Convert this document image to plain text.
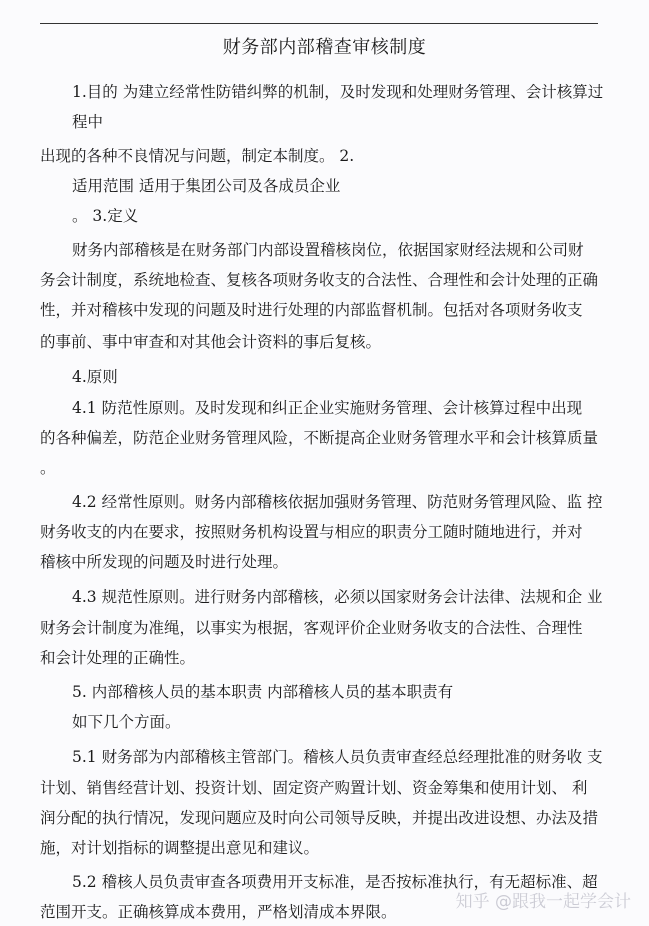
财务部内部稽查审核制度
1.目的 为建立经常性防错纠弊的机制，及时发现和处理财务管理、会计核算过
程中
出现的各种不良情况与问题，制定本制度。 2.
适用范围 适用于集团公司及各成员企业
。 3.定义
财务内部稽核是在财务部门内部设置稽核岗位，依据国家财经法规和公司财
务会计制度，系统地检查、复核各项财务收支的合法性、合理性和会计处理的正确
性，并对稽核中发现的问题及时进行处理的内部监督机制。包括对各项财务收支
的事前、事中审查和对其他会计资料的事后复核。
4.原则
4.1 防范性原则。及时发现和纠正企业实施财务管理、会计核算过程中出现
的各种偏差，防范企业财务管理风险，不断提高企业财务管理水平和会计核算质量
。
4.2 经常性原则。财务内部稽核依据加强财务管理、防范财务管理风险、监 控
财务收支的内在要求，按照财务机构设置与相应的职责分工随时随地进行，并对
稽核中所发现的问题及时进行处理。
4.3 规范性原则。进行财务内部稽核，必须以国家财务会计法律、法规和企 业
财务会计制度为准绳，以事实为根据，客观评价企业财务收支的合法性、合理性
和会计处理的正确性。
5. 内部稽核人员的基本职责 内部稽核人员的基本职责有
如下几个方面。
5.1 财务部为内部稽核主管部门。稽核人员负责审查经总经理批准的财务收 支
计划、销售经营计划、投资计划、固定资产购置计划、资金筹集和使用计划、 利
润分配的执行情况，发现问题应及时向公司领导反映，并提出改进设想、办法及措
施，对计划指标的调整提出意见和建议。
5.2 稽核人员负责审查各项费用开支标准，是否按标准执行，有无超标准、超
范围开支。正确核算成本费用，严格划清成本界限。	知乎 @跟我一起学会计
